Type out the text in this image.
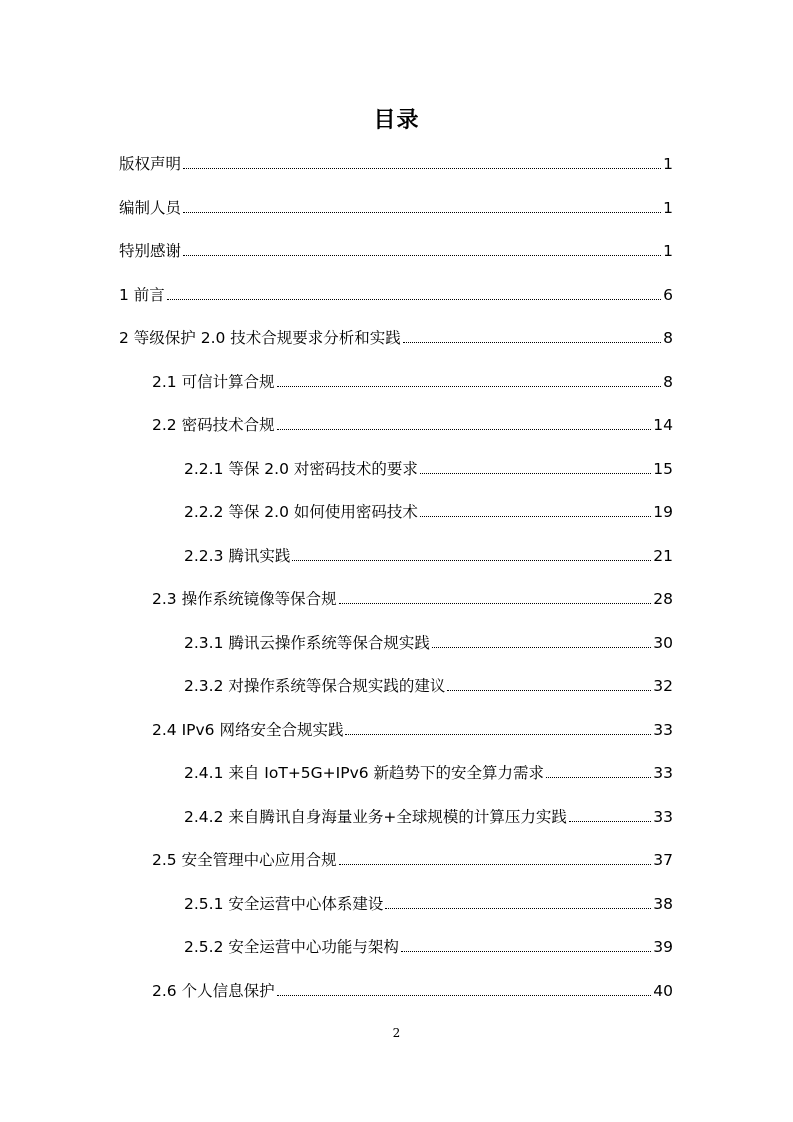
目录
版权声明	1
编制人员	1
特别感谢	1
1 前言	6
2 等级保护 2.0 技术合规要求分析和实践	8
2.1 可信计算合规	8
2.2 密码技术合规	14
2.2.1 等保 2.0 对密码技术的要求	15
2.2.2 等保 2.0 如何使用密码技术	19
2.2.3 腾讯实践	21
2.3 操作系统镜像等保合规	28
2.3.1 腾讯云操作系统等保合规实践	30
2.3.2 对操作系统等保合规实践的建议	32
2.4 IPv6 网络安全合规实践	33
2.4.1 来自 IoT+5G+IPv6 新趋势下的安全算力需求	33
2.4.2 来自腾讯自身海量业务+全球规模的计算压力实践	33
2.5 安全管理中心应用合规	37
2.5.1 安全运营中心体系建设	38
2.5.2 安全运营中心功能与架构	39
2.6 个人信息保护	40
2
